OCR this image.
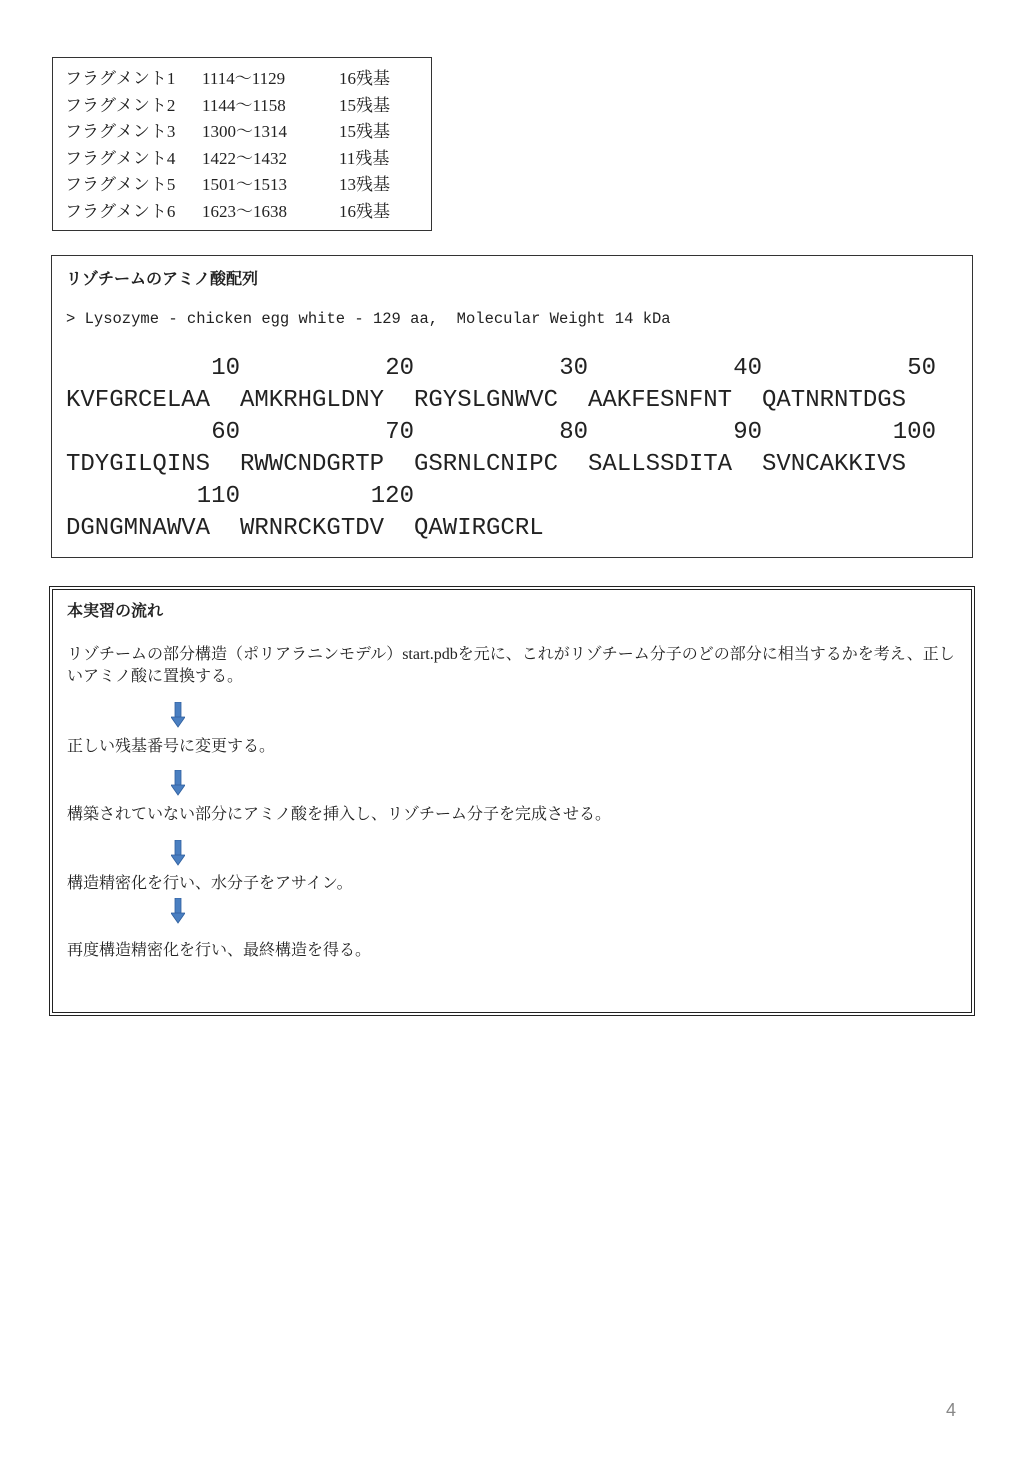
フラグメント1 1114〜1129	16残基
フラグメント2 1144〜1158	15残基
フラグメント3 1300〜1314	15残基
フラグメント4 1422〜1432	11残基
フラグメント5 1501〜1513	13残基
フラグメント6 1623〜1638	16残基
リゾチームのアミノ酸配列
> Lysozyme - chicken egg white - 129 aa,  Molecular Weight 14 kDa
10	20	30	40	50
KVFGRCELAA AMKRHGLDNY RGYSLGNWVC AAKFESNFNT QATNRNTDGS
60	70	80	90	100
TDYGILQINS RWWCNDGRTP GSRNLCNIPC SALLSSDITA SVNCAKKIVS
110	120
DGNGMNAWVA WRNRCKGTDV QAWIRGCRL
本実習の流れ
リゾチームの部分構造（ポリアラニンモデル）start.pdbを元に、これがリゾチーム分子のどの部分に相当するかを考え、正しいアミノ酸に置換する。
正しい残基番号に変更する。
構築されていない部分にアミノ酸を挿入し、リゾチーム分子を完成させる。
構造精密化を行い、水分子をアサイン。
再度構造精密化を行い、最終構造を得る。
4
